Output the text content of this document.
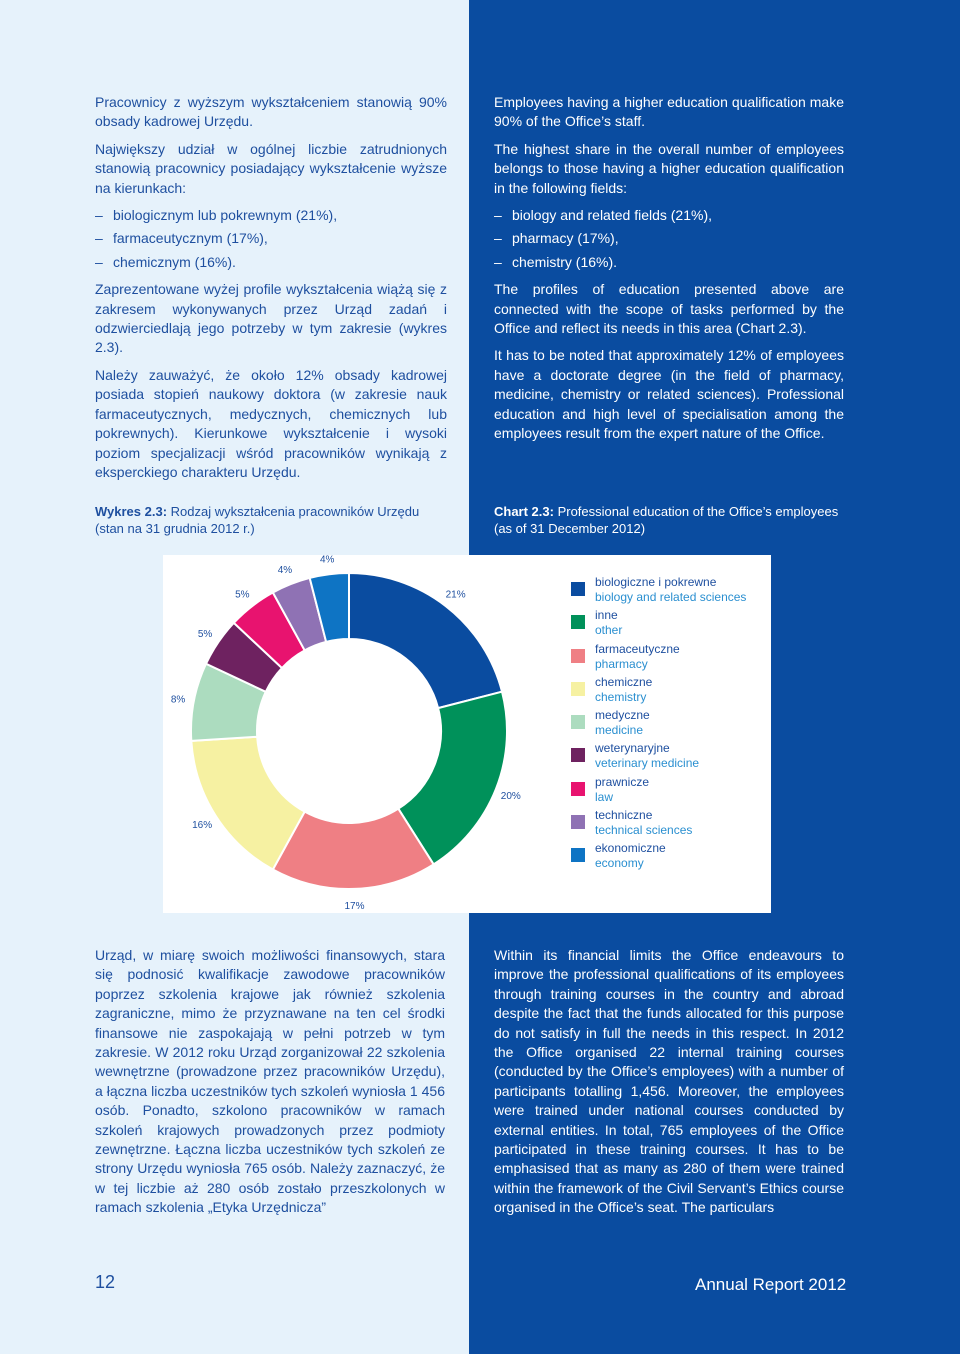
Pracownicy z wyższym wykształceniem stanowią 90% obsady kadrowej Urzędu.

Największy udział w ogólnej liczbie zatrudnionych stanowią pracownicy posiadający wykształcenie wyższe na kierunkach:

– biologicznym lub pokrewnym (21%),
– farmaceutycznym (17%),
– chemicznym (16%).

Zaprezentowane wyżej profile wykształcenia wiążą się z zakresem wykonywanych przez Urząd zadań i odzwierciedlają jego potrzeby w tym zakresie (wykres 2.3).

Należy zauważyć, że około 12% obsady kadrowej posiada stopień naukowy doktora (w zakresie nauk farmaceutycznych, medycznych, chemicznych lub pokrewnych). Kierunkowe wykształcenie i wysoki poziom specjalizacji wśród pracowników wynikają z eksperckiego charakteru Urzędu.

Employees having a higher education qualification make 90% of the Office’s staff.

The highest share in the overall number of employees belongs to those having a higher education qualification in the following fields:

– biology and related fields (21%),
– pharmacy (17%),
– chemistry (16%).

The profiles of education presented above are connected with the scope of tasks performed by the Office and reflect its needs in this area (Chart 2.3).

It has to be noted that approximately 12% of employees have a doctorate degree (in the field of pharmacy, medicine, chemistry or related sciences). Professional education and high level of specialisation among the employees result from the expert nature of the Office.

Wykres 2.3: Rodzaj wykształcenia pracowników Urzędu (stan na 31 grudnia 2012 r.)
Chart 2.3: Professional education of the Office’s employees (as of 31 December 2012)
21%
20%
17%
16%
8%
5%
5%
4%
4%
biologiczne i pokrewne
biology and related sciences
inne
other
farmaceutyczne
pharmacy
chemiczne
chemistry
medyczne
medicine
weterynaryjne
veterinary medicine
prawnicze
law
techniczne
technical sciences
ekonomiczne
economy

Urząd, w miarę swoich możliwości finansowych, stara się podnosić kwalifikacje zawodowe pracowników poprzez szkolenia krajowe jak również szkolenia zagraniczne, mimo że przyznawane na ten cel środki finansowe nie zaspokajają w pełni potrzeb w tym zakresie. W 2012 roku Urząd zorganizował 22 szkolenia wewnętrzne (prowadzone przez pracowników Urzędu), a łączna liczba uczestników tych szkoleń wyniosła 1 456 osób. Ponadto, szkolono pracowników w ramach szkoleń krajowych prowadzonych przez podmioty zewnętrzne. Łączna liczba uczestników tych szkoleń ze strony Urzędu wyniosła 765 osób. Należy zaznaczyć, że w tej liczbie aż 280 osób zostało przeszkolonych w ramach szkolenia „Etyka Urzędnicza”

Within its financial limits the Office endeavours to improve the professional qualifications of its employees through training courses in the country and abroad despite the fact that the funds allocated for this purpose do not satisfy in full the needs in this respect. In 2012 the Office organised 22 internal training courses (conducted by the Office’s employees) with a number of participants totalling 1,456. Moreover, the employees were trained under national courses conducted by external entities. In total, 765 employees of the Office participated in these training courses. It has to be emphasised that as many as 280 of them were trained within the framework of the Civil Servant’s Ethics course organised in the Office’s seat. The particulars

12	Annual Report 2012
